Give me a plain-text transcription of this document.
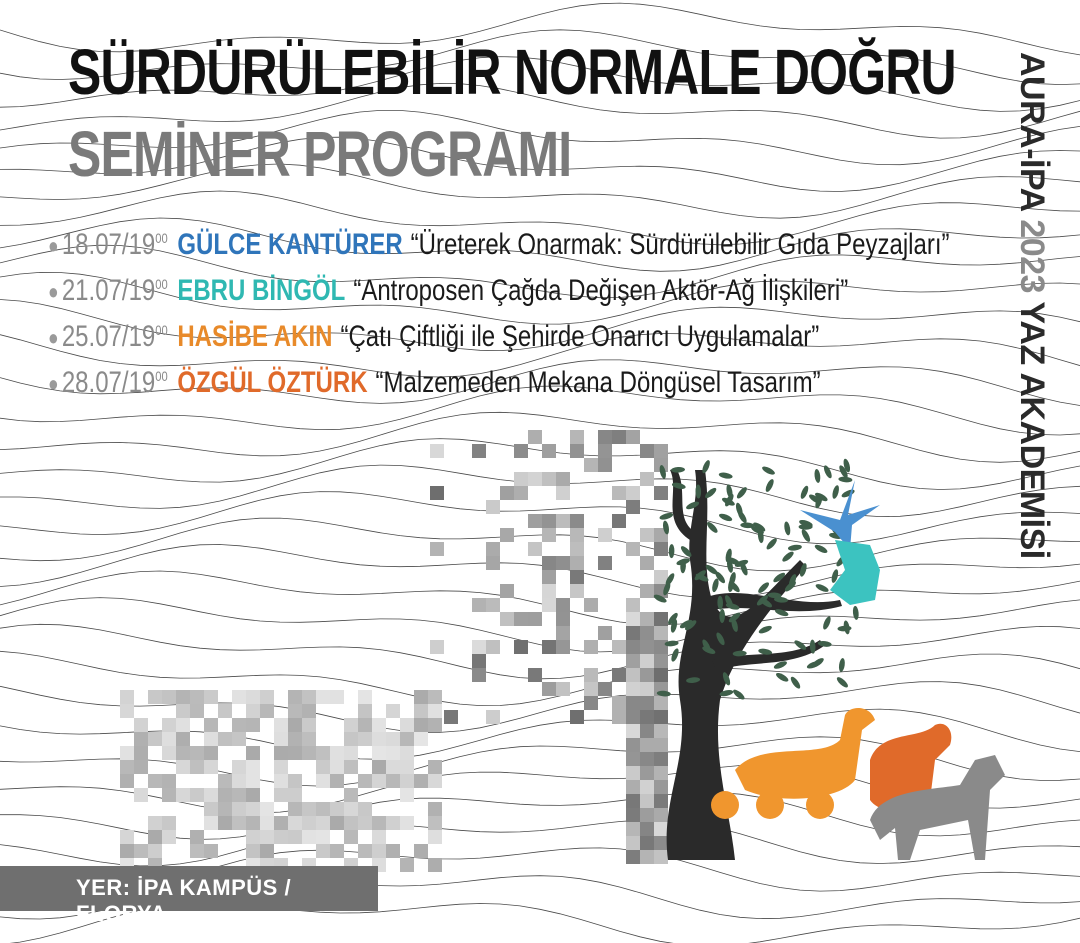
SÜRDÜRÜLEBİLİR NORMALE DOĞRU
SEMİNER PROGRAMI
● $18.07/19^{00}$ GÜLCE KANTÜRER “Üreterek Onarmak: Sürdürülebilir Gıda Peyzajları”
● $21.07/19^{00}$ EBRU BİNGÖL “Antroposen Çağda Değişen Aktör-Ağ İlişkileri”
● $25.07/19^{00}$ HASİBE AKIN “Çatı Çiftliği ile Şehirde Onarıcı Uygulamalar”
● $28.07/19^{00}$ ÖZGÜL ÖZTÜRK “Malzemeden Mekana Döngüsel Tasarım”
AURA-İPA 2023 YAZ AKADEMİSİ
YER: İPA KAMPÜS / FLORYA
